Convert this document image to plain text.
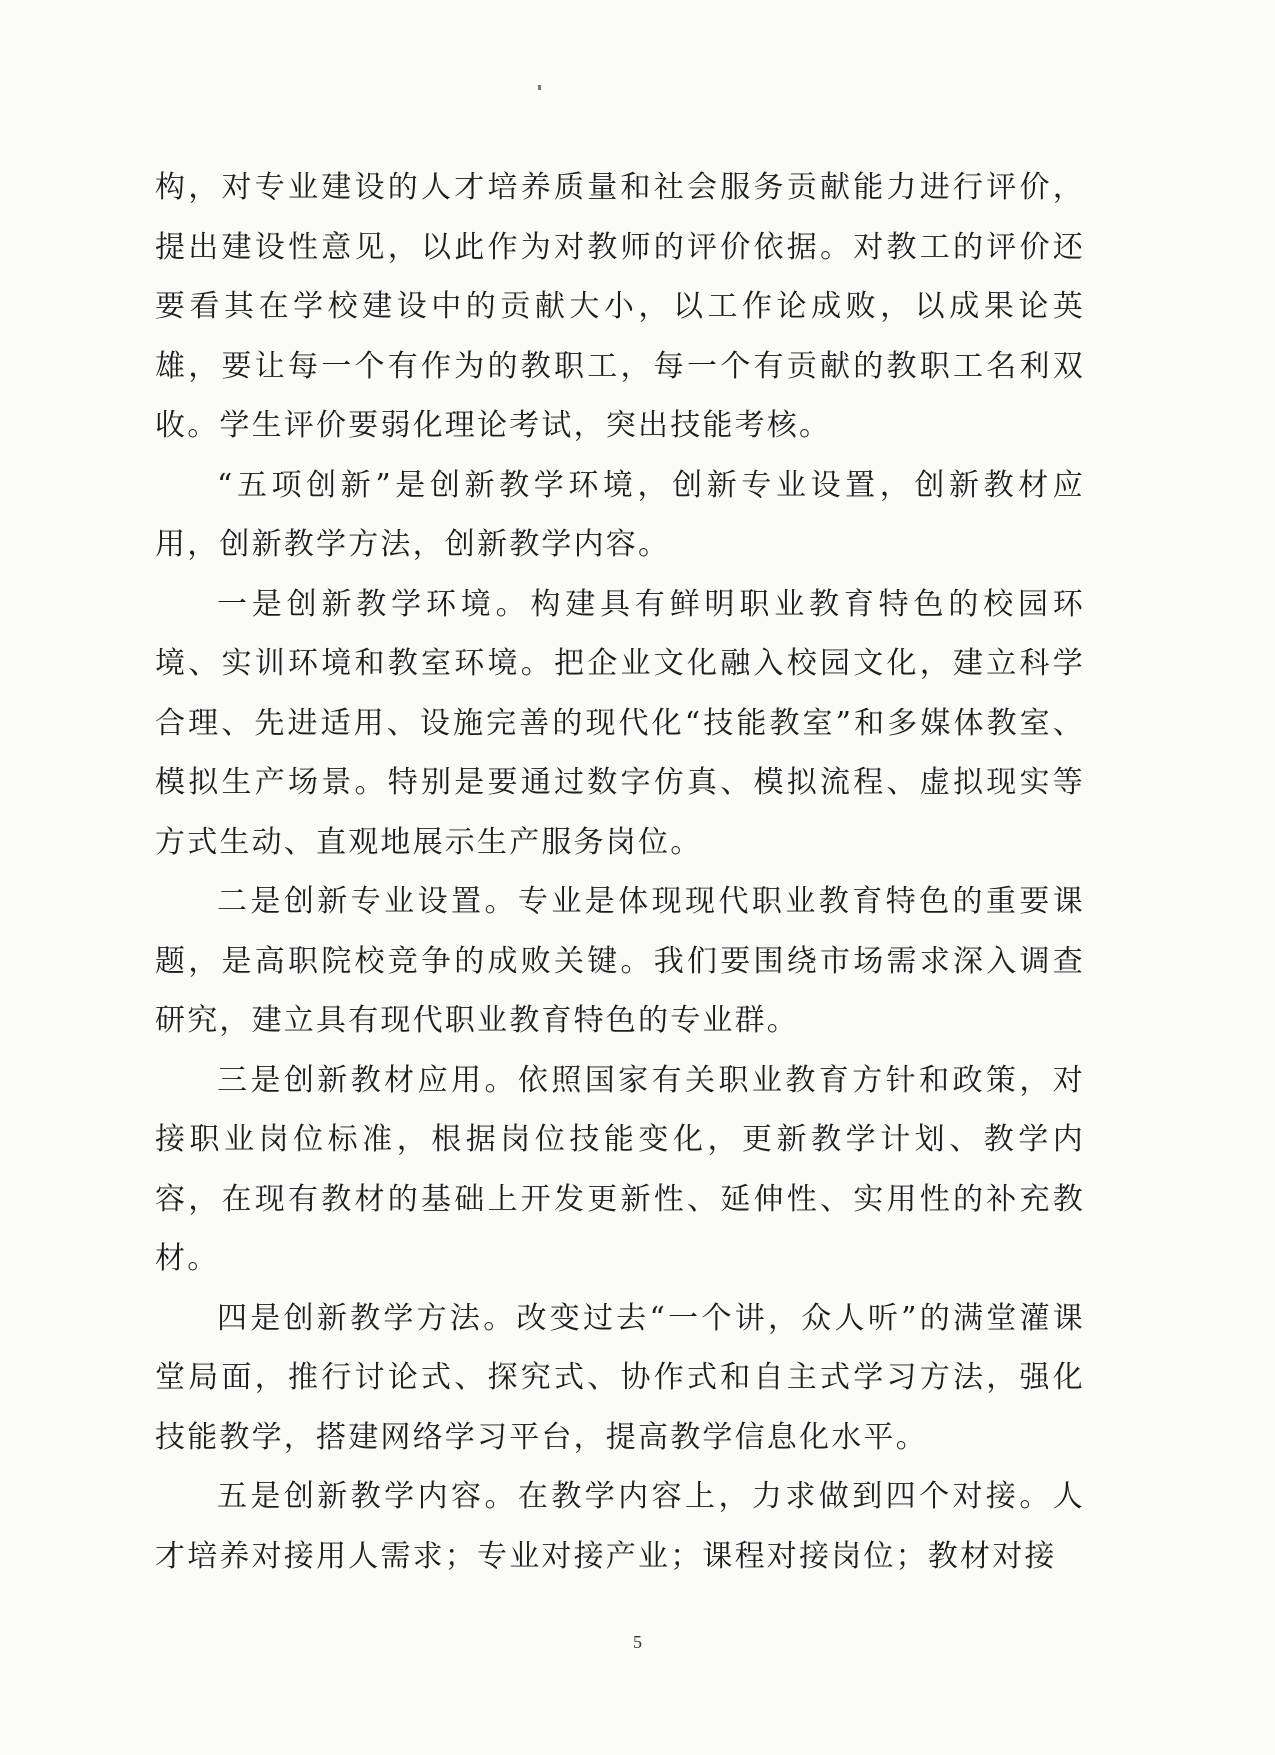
构，对专业建设的人才培养质量和社会服务贡献能力进行评价，提出建设性意见，以此作为对教师的评价依据。对教工的评价还要看其在学校建设中的贡献大小，以工作论成败，以成果论英雄，要让每一个有作为的教职工，每一个有贡献的教职工名利双收。学生评价要弱化理论考试，突出技能考核。

“五项创新”是创新教学环境，创新专业设置，创新教材应用，创新教学方法，创新教学内容。

一是创新教学环境。构建具有鲜明职业教育特色的校园环境、实训环境和教室环境。把企业文化融入校园文化，建立科学合理、先进适用、设施完善的现代化“技能教室”和多媒体教室、模拟生产场景。特别是要通过数字仿真、模拟流程、虚拟现实等方式生动、直观地展示生产服务岗位。

二是创新专业设置。专业是体现现代职业教育特色的重要课题，是高职院校竞争的成败关键。我们要围绕市场需求深入调查研究，建立具有现代职业教育特色的专业群。

三是创新教材应用。依照国家有关职业教育方针和政策，对接职业岗位标准，根据岗位技能变化，更新教学计划、教学内容，在现有教材的基础上开发更新性、延伸性、实用性的补充教材。

四是创新教学方法。改变过去“一个讲，众人听”的满堂灌课堂局面，推行讨论式、探究式、协作式和自主式学习方法，强化技能教学，搭建网络学习平台，提高教学信息化水平。

五是创新教学内容。在教学内容上，力求做到四个对接。人才培养对接用人需求；专业对接产业；课程对接岗位；教材对接

5
